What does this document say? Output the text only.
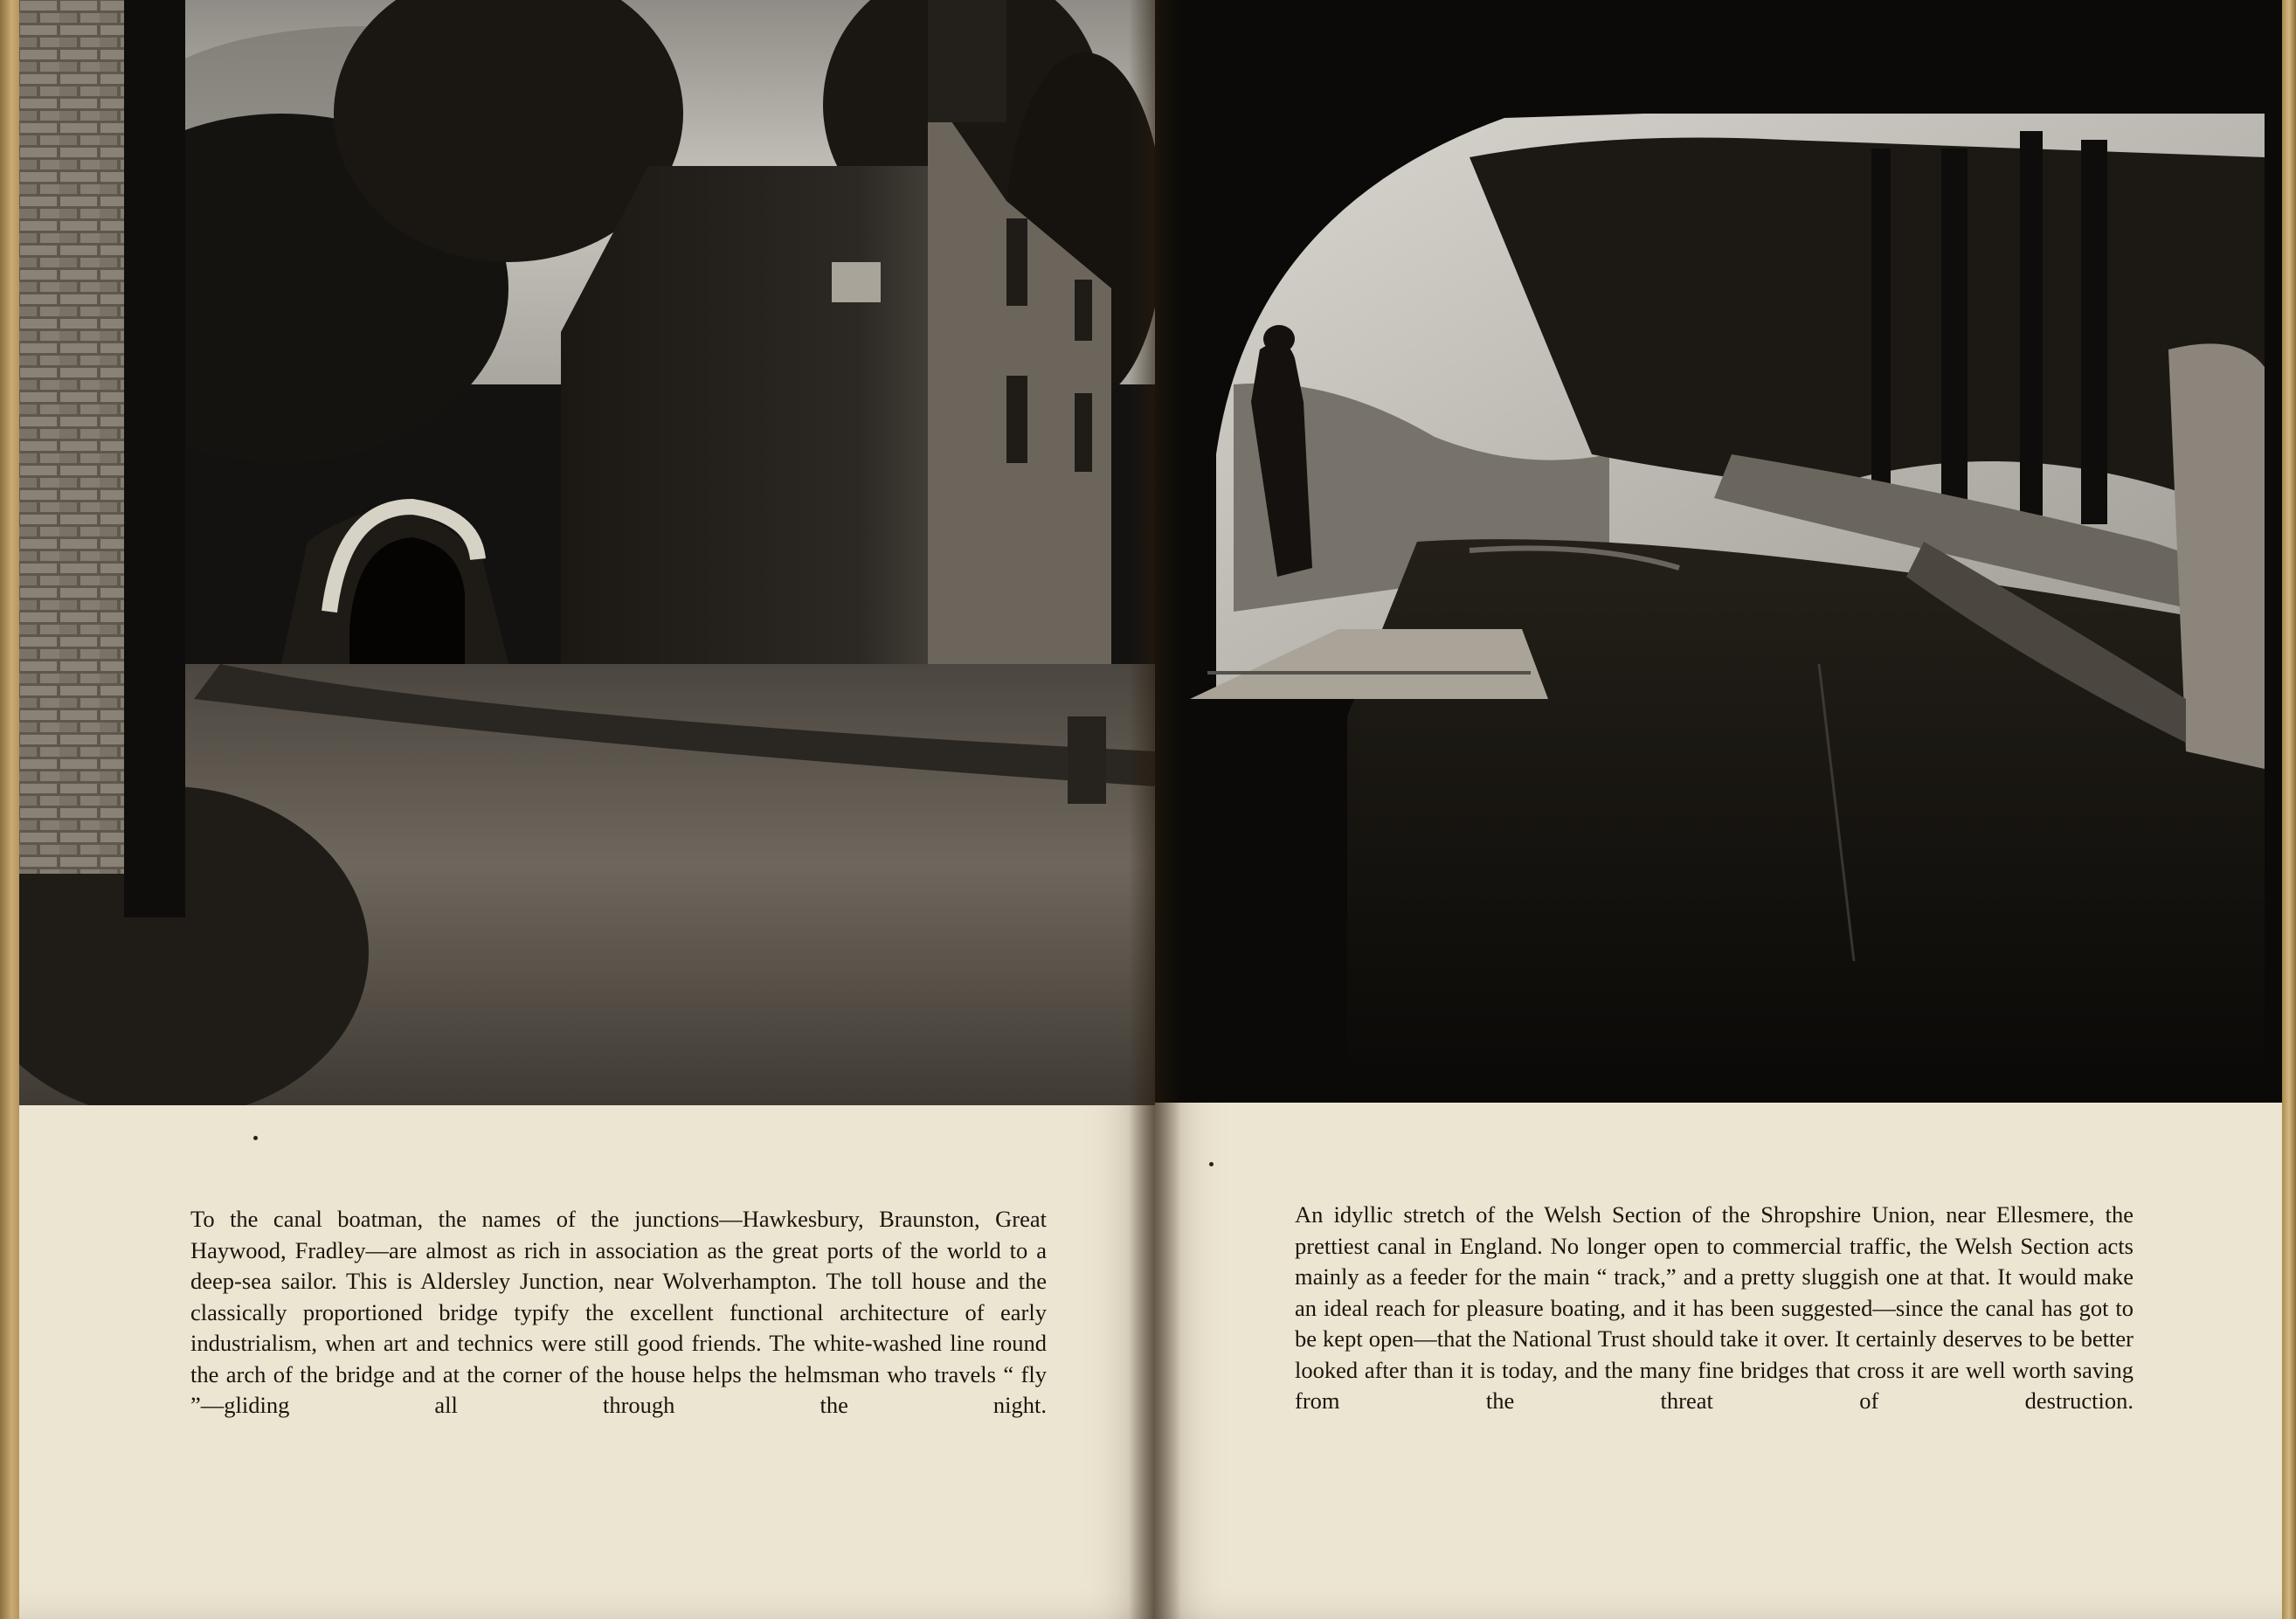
To the canal boatman, the names of the junctions—Hawkesbury, Braunston, Great Haywood, Fradley—are almost as rich in association as the great ports of the world to a deep-sea sailor. This is Aldersley Junction, near Wolverhampton. The toll house and the classically proportioned bridge typify the excellent functional architecture of early industrialism, when art and technics were still good friends. The white-washed line round the arch of the bridge and at the corner of the house helps the helmsman who travels “ fly ”—gliding all through the night.

An idyllic stretch of the Welsh Section of the Shropshire Union, near Ellesmere, the prettiest canal in England. No longer open to commercial traffic, the Welsh Section acts mainly as a feeder for the main “ track,” and a pretty sluggish one at that. It would make an ideal reach for pleasure boating, and it has been suggested—since the canal has got to be kept open—that the National Trust should take it over. It certainly deserves to be better looked after than it is today, and the many fine bridges that cross it are well worth saving from the threat of destruction.
